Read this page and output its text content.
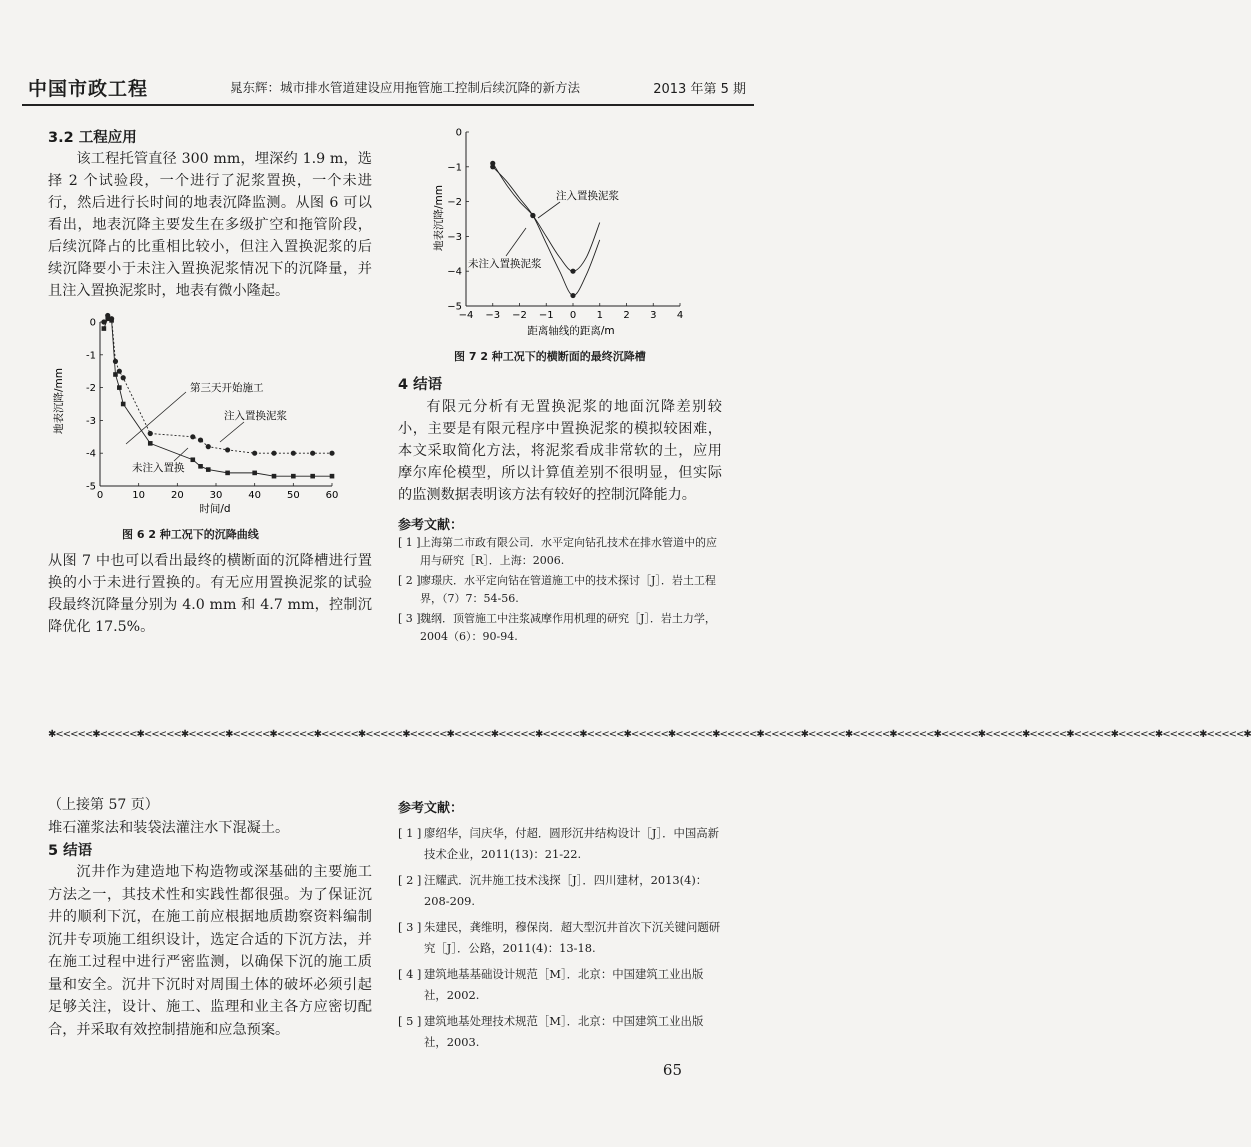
中国市政工程	晁东辉：城市排水管道建设应用拖管施工控制后续沉降的新方法	2013 年第 5 期
3.2 工程应用

该工程托管直径 300 mm，埋深约 1.9 m，选择 2 个试验段，一个进行了泥浆置换，一个未进行，然后进行长时间的地表沉降监测。从图 6 可以看出，地表沉降主要发生在多级扩空和拖管阶段，后续沉降占的比重相比较小，但注入置换泥浆的后续沉降要小于未注入置换泥浆情况下的沉降量，并且注入置换泥浆时，地表有微小隆起。

0	10	20	30	40	50	60
0
-1
-2
-3
-4
-5
地表沉降/mm
时间/d
第三天开始施工
注入置换泥浆
未注入置换
图 6 2 种工况下的沉降曲线

从图 7 中也可以看出最终的横断面的沉降槽进行置换的小于未进行置换的。有无应用置换泥浆的试验段最终沉降量分别为 4.0 mm 和 4.7 mm，控制沉降优化 17.5%。

−4 −3 −2 −1 0 1 2 3 4
0
−1
−2
−3
−4
−5
地表沉降/mm
距离轴线的距离/m
注入置换泥浆
未注入置换泥浆
图 7 2 种工况下的横断面的最终沉降槽
4 结语

有限元分析有无置换泥浆的地面沉降差别较小，主要是有限元程序中置换泥浆的模拟较困难，本文采取简化方法，将泥浆看成非常软的土，应用摩尔库伦模型，所以计算值差别不很明显，但实际的监测数据表明该方法有较好的控制沉降能力。

参考文献：
[ 1 ] 上海第二市政有限公司．水平定向钻孔技术在排水管道中的应用与研究［R］．上海：2006.
[ 2 ] 廖璟庆．水平定向钻在管道施工中的技术探讨［J］．岩土工程界，（7）7：54-56.
[ 3 ] 魏纲．顶管施工中注浆减摩作用机理的研究［J］．岩土力学，2004（6）：90-94.
✱<<<<<✱<<<<<✱<<<<<✱<<<<<✱<<<<<✱<<<<<✱<<<<<✱<<<<<✱<<<<<✱<<<<<✱<<<<<✱<<<<<✱<<<<<✱<<<<<✱<<<<<✱<<<<<✱<<<<<✱<<<<<✱<<<<<✱<<<<<✱<<<<<✱<<<<<✱<<<<<✱<<<<<✱<<<<<✱<<<<<✱<<<<<✱
（上接第 57 页）
堆石灌浆法和装袋法灌注水下混凝土。
5 结语

沉井作为建造地下构造物或深基础的主要施工方法之一，其技术性和实践性都很强。为了保证沉井的顺利下沉，在施工前应根据地质勘察资料编制沉井专项施工组织设计，选定合适的下沉方法，并在施工过程中进行严密监测，以确保下沉的施工质量和安全。沉井下沉时对周围土体的破坏必须引起足够关注，设计、施工、监理和业主各方应密切配合，并采取有效控制措施和应急预案。

参考文献：
[ 1 ] 廖绍华，闫庆华，付超．圆形沉井结构设计［J］．中国高新技术企业，2011(13)：21-22.
[ 2 ] 汪耀武．沉井施工技术浅探［J］．四川建材，2013(4)：208-209.
[ 3 ] 朱建民，龚维明，穆保岗．超大型沉井首次下沉关键问题研究［J］．公路，2011(4)：13-18.
[ 4 ] 建筑地基基础设计规范［M］．北京：中国建筑工业出版社，2002.
[ 5 ] 建筑地基处理技术规范［M］．北京：中国建筑工业出版社，2003.
65
